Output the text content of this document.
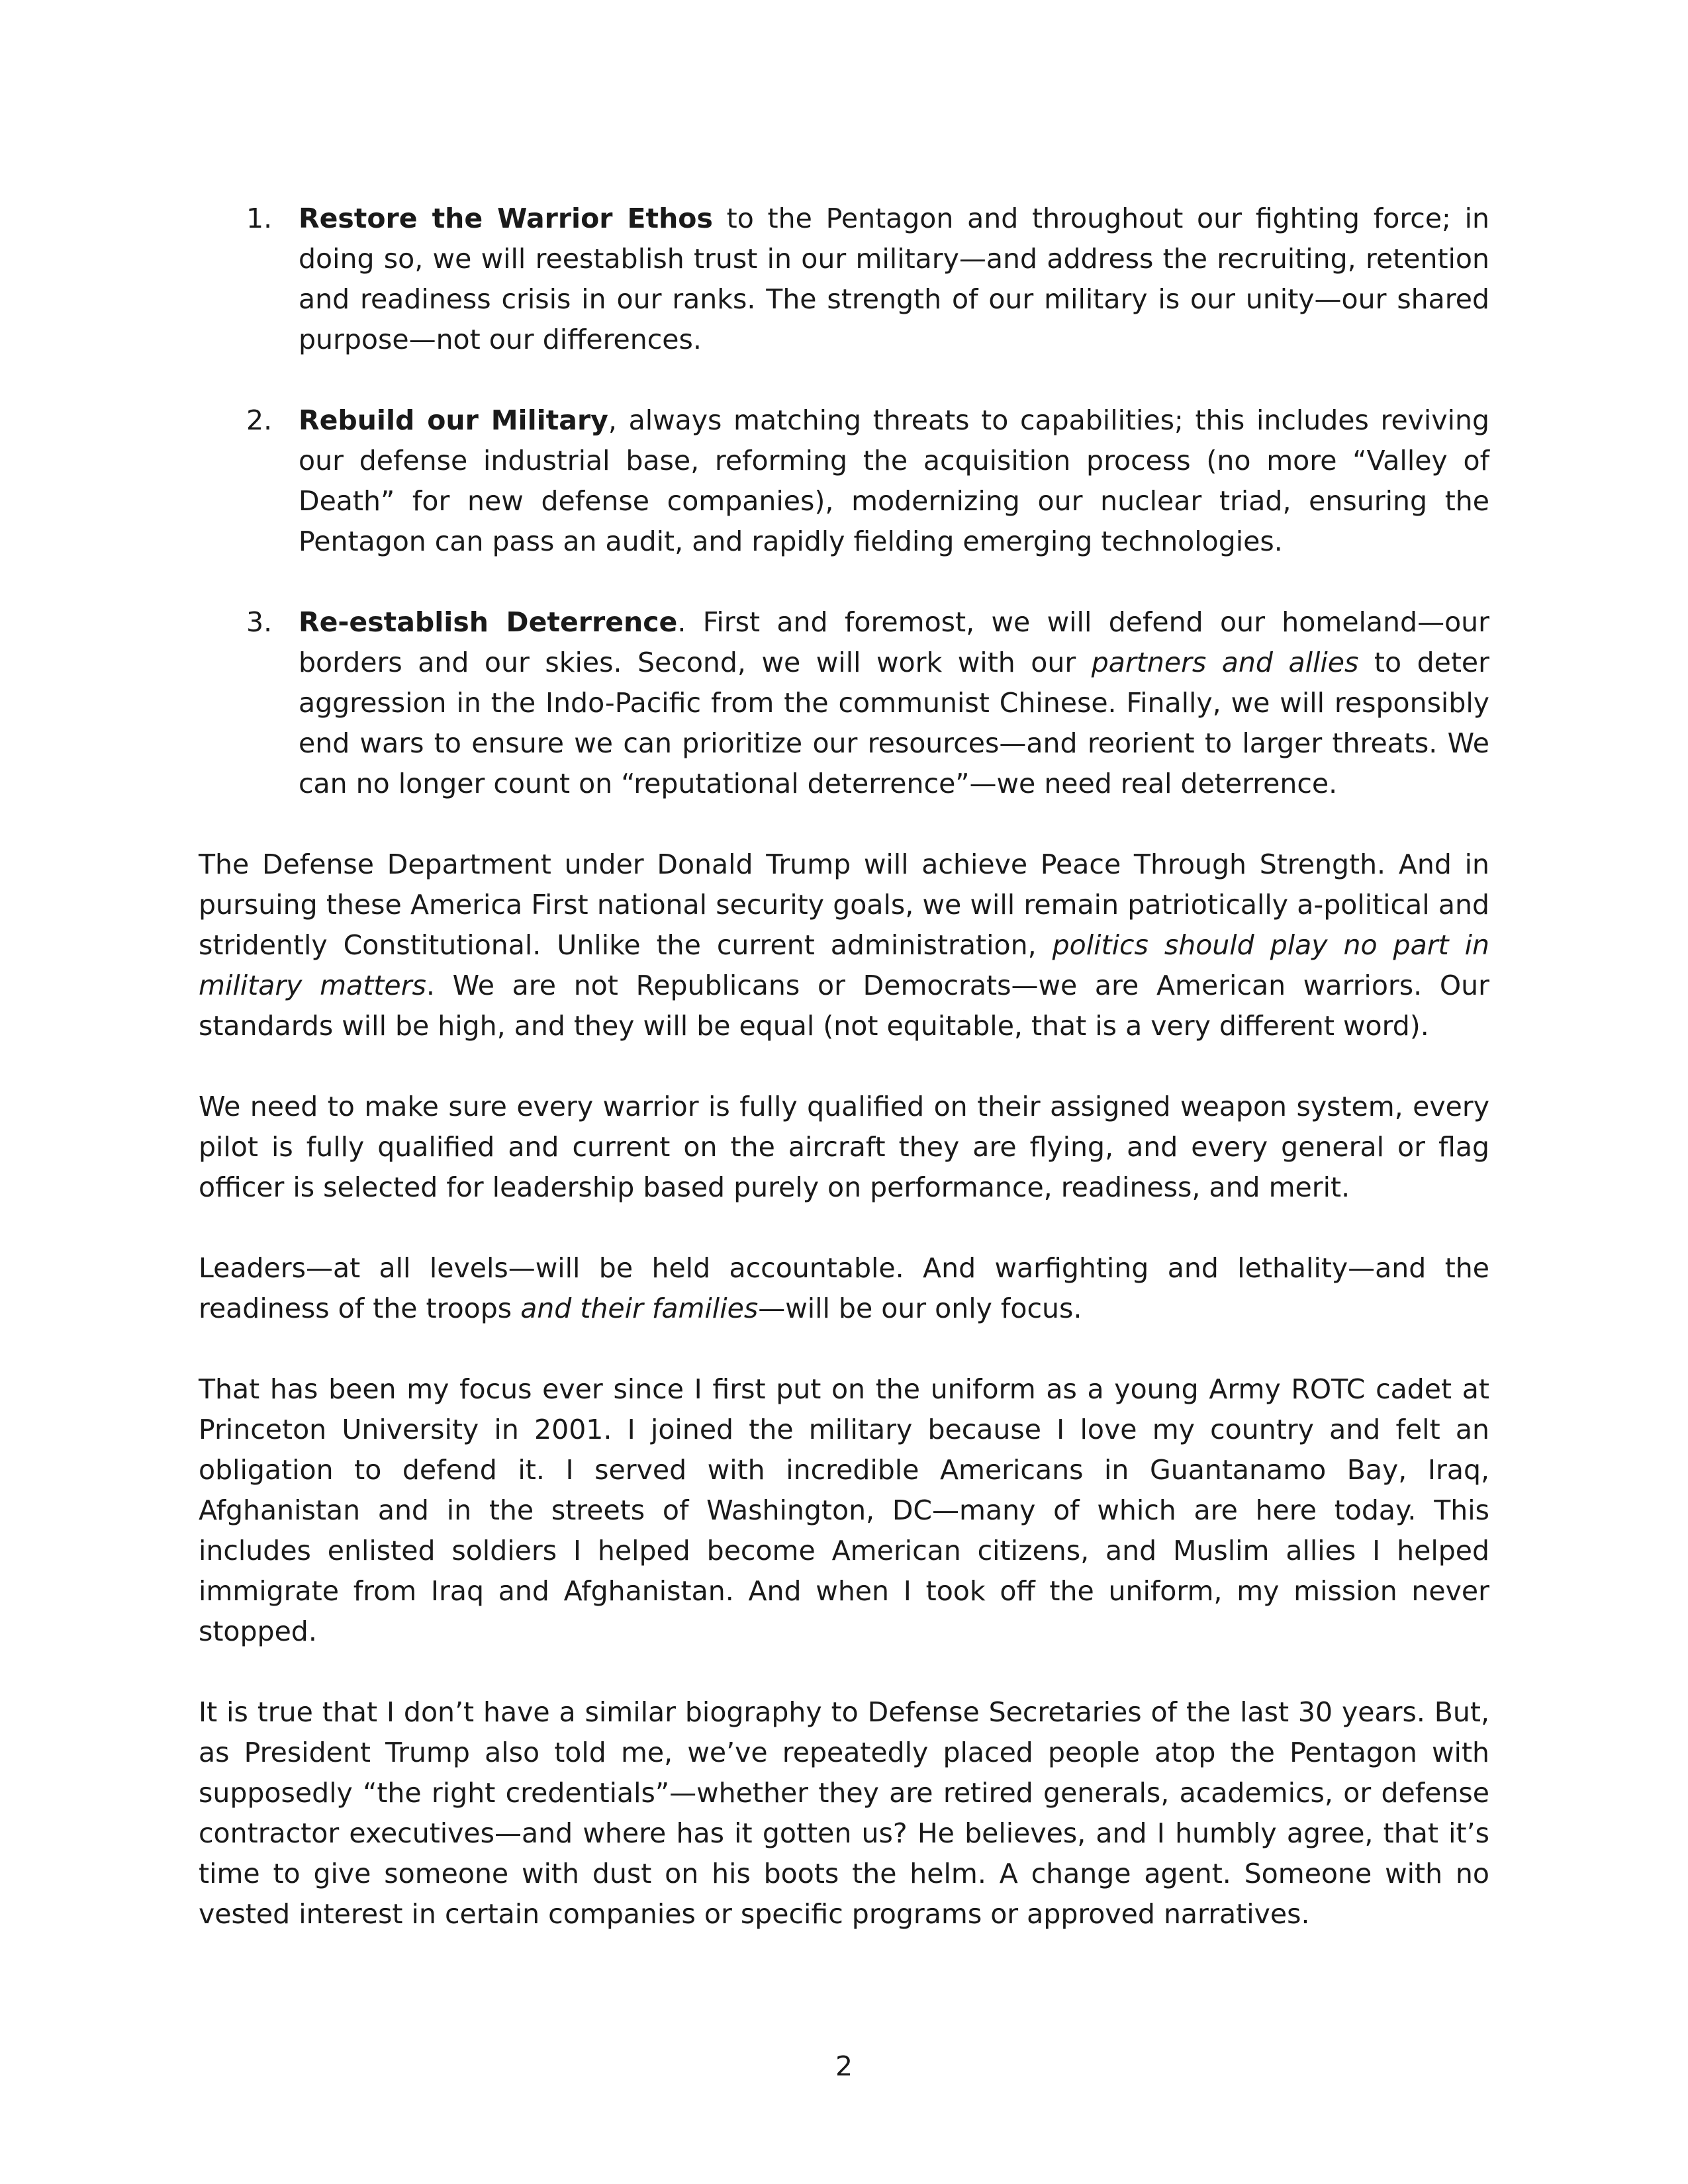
1. Restore the Warrior Ethos to the Pentagon and throughout our fighting force; in doing so, we will reestablish trust in our military—and address the recruiting, retention and readiness crisis in our ranks. The strength of our military is our unity—our shared purpose—not our differences.

2. Rebuild our Military, always matching threats to capabilities; this includes reviving our defense industrial base, reforming the acquisition process (no more “Valley of Death” for new defense companies), modernizing our nuclear triad, ensuring the Pentagon can pass an audit, and rapidly fielding emerging technologies.

3. Re-establish Deterrence. First and foremost, we will defend our homeland—our borders and our skies. Second, we will work with our partners and allies to deter aggression in the Indo-Pacific from the communist Chinese. Finally, we will responsibly end wars to ensure we can prioritize our resources—and reorient to larger threats. We can no longer count on “reputational deterrence”—we need real deterrence.

The Defense Department under Donald Trump will achieve Peace Through Strength. And in pursuing these America First national security goals, we will remain patriotically a-political and stridently Constitutional. Unlike the current administration, politics should play no part in military matters. We are not Republicans or Democrats—we are American warriors. Our standards will be high, and they will be equal (not equitable, that is a very different word).

We need to make sure every warrior is fully qualified on their assigned weapon system, every pilot is fully qualified and current on the aircraft they are flying, and every general or flag officer is selected for leadership based purely on performance, readiness, and merit.

Leaders—at all levels—will be held accountable. And warfighting and lethality—and the readiness of the troops and their families—will be our only focus.

That has been my focus ever since I first put on the uniform as a young Army ROTC cadet at Princeton University in 2001. I joined the military because I love my country and felt an obligation to defend it. I served with incredible Americans in Guantanamo Bay, Iraq, Afghanistan and in the streets of Washington, DC—many of which are here today. This includes enlisted soldiers I helped become American citizens, and Muslim allies I helped immigrate from Iraq and Afghanistan. And when I took off the uniform, my mission never stopped.

It is true that I don’t have a similar biography to Defense Secretaries of the last 30 years. But, as President Trump also told me, we’ve repeatedly placed people atop the Pentagon with supposedly “the right credentials”—whether they are retired generals, academics, or defense contractor executives—and where has it gotten us? He believes, and I humbly agree, that it’s time to give someone with dust on his boots the helm. A change agent. Someone with no vested interest in certain companies or specific programs or approved narratives.

2
